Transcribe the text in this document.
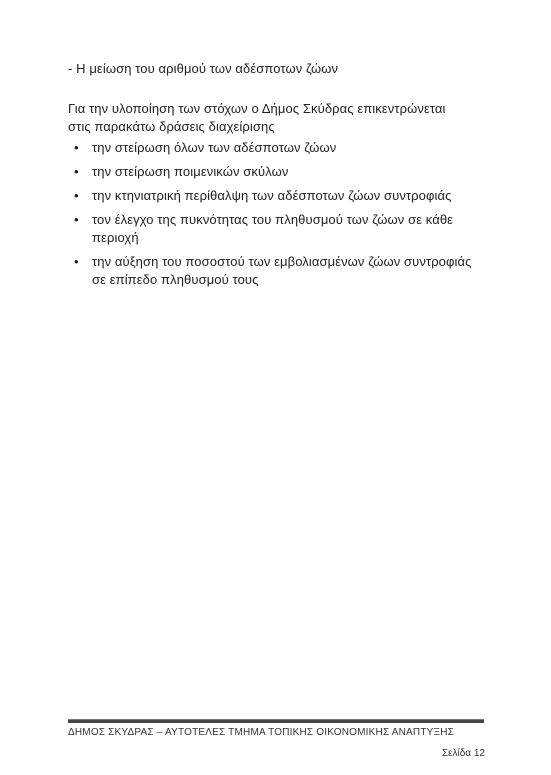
- Η μείωση του αριθμού των αδέσποτων ζώων
Για την υλοποίηση των στόχων ο Δήμος Σκύδρας επικεντρώνεται στις παρακάτω δράσεις διαχείρισης
• την στείρωση όλων των αδέσποτων ζώων
• την στείρωση ποιμενικών σκύλων
• την κτηνιατρική περίθαλψη των αδέσποτων ζώων συντροφιάς
• τον έλεγχο της πυκνότητας του πληθυσμού των ζώων σε κάθε περιοχή
• την αύξηση του ποσοστού των εμβολιασμένων ζώων συντροφιάς σε επίπεδο πληθυσμού τους
ΔΗΜΟΣ ΣΚΥΔΡΑΣ – ΑΥΤΟΤΕΛΕΣ ΤΜΗΜΑ ΤΟΠΙΚΗΣ ΟΙΚΟΝΟΜΙΚΗΣ ΑΝΑΠΤΥΞΗΣ
Σελίδα 12
